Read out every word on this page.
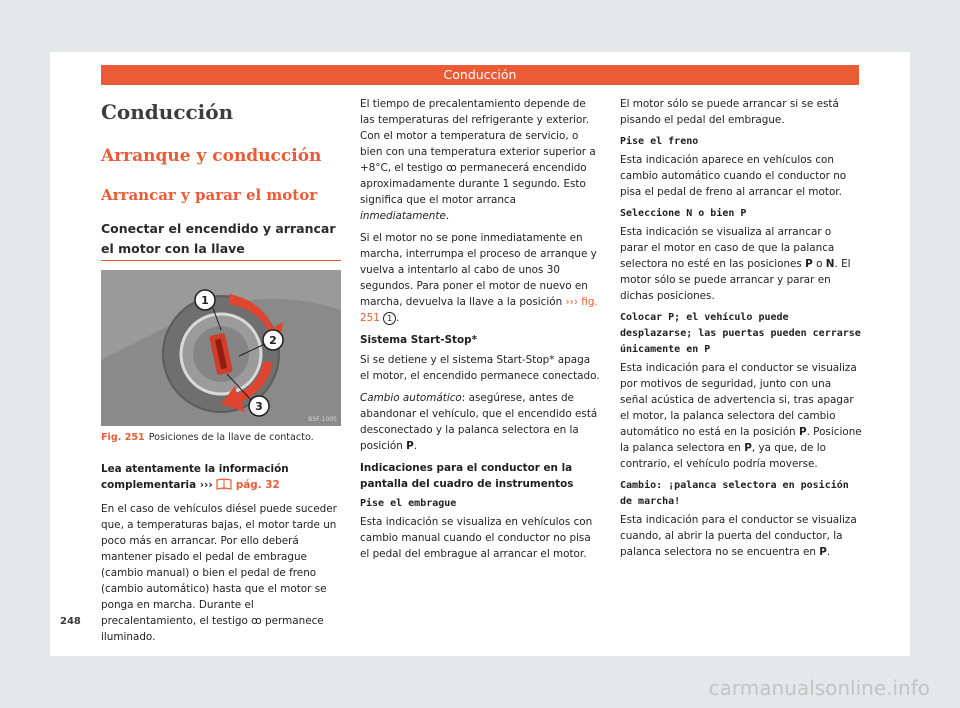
Conducción
Conducción
Arranque y conducción
Arrancar y parar el motor
Conectar el encendido y arrancar el motor con la llave
1
2
3
B5F-1005
Fig. 251 Posiciones de la llave de contacto.

Lea atentamente la información complementaria ››› pág. 32

En el caso de vehículos diésel puede suceder que, a temperaturas bajas, el motor tarde un poco más en arrancar. Por ello deberá mantener pisado el pedal de embrague (cambio manual) o bien el pedal de freno (cambio automático) hasta que el motor se ponga en marcha. Durante el precalentamiento, el testigo ꝏ permanece iluminado.

El tiempo de precalentamiento depende de las temperaturas del refrigerante y exterior. Con el motor a temperatura de servicio, o bien con una temperatura exterior superior a +8°C, el testigo ꝏ permanecerá encendido aproximadamente durante 1 segundo. Esto significa que el motor arranca inmediatamente.

Si el motor no se pone inmediatamente en marcha, interrumpa el proceso de arranque y vuelva a intentarlo al cabo de unos 30 segundos. Para poner el motor de nuevo en marcha, devuelva la llave a la posición ››› fig. 251 1 .

Sistema Start-Stop*

Si se detiene y el sistema Start-Stop* apaga el motor, el encendido permanece conectado.

Cambio automático: asegúrese, antes de abandonar el vehículo, que el encendido está desconectado y la palanca selectora en la posición P.

Indicaciones para el conductor en la pantalla del cuadro de instrumentos

Pise el embrague

Esta indicación se visualiza en vehículos con cambio manual cuando el conductor no pisa el pedal del embrague al arrancar el motor.

El motor sólo se puede arrancar si se está pisando el pedal del embrague.

Pise el freno

Esta indicación aparece en vehículos con cambio automático cuando el conductor no pisa el pedal de freno al arrancar el motor.

Seleccione N o bien P

Esta indicación se visualiza al arrancar o parar el motor en caso de que la palanca selectora no esté en las posiciones P o N. El motor sólo se puede arrancar y parar en dichas posiciones.

Colocar P; el vehículo puede desplazarse; las puertas pueden cerrarse únicamente en P

Esta indicación para el conductor se visualiza por motivos de seguridad, junto con una señal acústica de advertencia si, tras apagar el motor, la palanca selectora del cambio automático no está en la posición P. Posicione la palanca selectora en P, ya que, de lo contrario, el vehículo podría moverse.

Cambio: ¡palanca selectora en posición de marcha!

Esta indicación para el conductor se visualiza cuando, al abrir la puerta del conductor, la palanca selectora no se encuentra en P.

248
carmanualsonline.info
